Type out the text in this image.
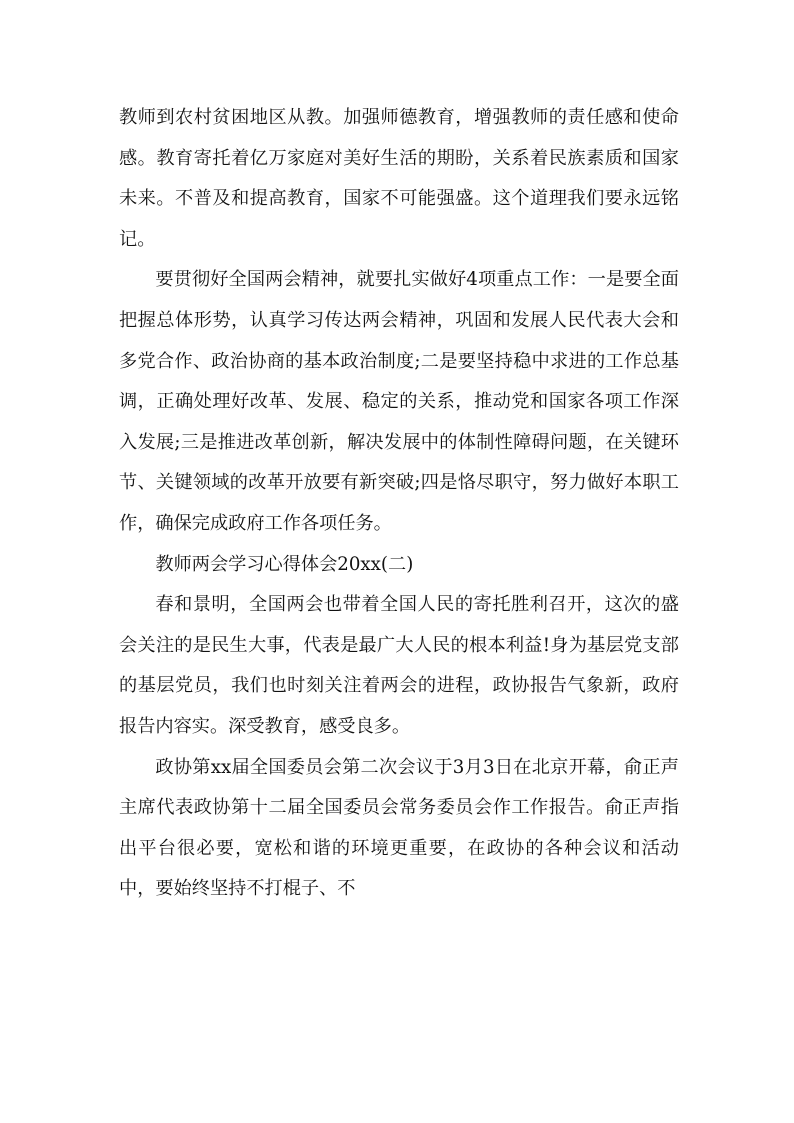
教师到农村贫困地区从教。加强师德教育，增强教师的责任感和使命感。教育寄托着亿万家庭对美好生活的期盼，关系着民族素质和国家未来。不普及和提高教育，国家不可能强盛。这个道理我们要永远铭记。

要贯彻好全国两会精神，就要扎实做好4项重点工作：一是要全面把握总体形势，认真学习传达两会精神，巩固和发展人民代表大会和多党合作、政治协商的基本政治制度;二是要坚持稳中求进的工作总基调，正确处理好改革、发展、稳定的关系，推动党和国家各项工作深入发展;三是推进改革创新，解决发展中的体制性障碍问题，在关键环节、关键领域的改革开放要有新突破;四是恪尽职守，努力做好本职工作，确保完成政府工作各项任务。

教师两会学习心得体会20xx(二)

春和景明，全国两会也带着全国人民的寄托胜利召开，这次的盛会关注的是民生大事，代表是最广大人民的根本利益!身为基层党支部的基层党员，我们也时刻关注着两会的进程，政协报告气象新，政府报告内容实。深受教育，感受良多。

政协第xx届全国委员会第二次会议于3月3日在北京开幕，俞正声主席代表政协第十二届全国委员会常务委员会作工作报告。俞正声指出平台很必要，宽松和谐的环境更重要，在政协的各种会议和活动中，要始终坚持不打棍子、不
